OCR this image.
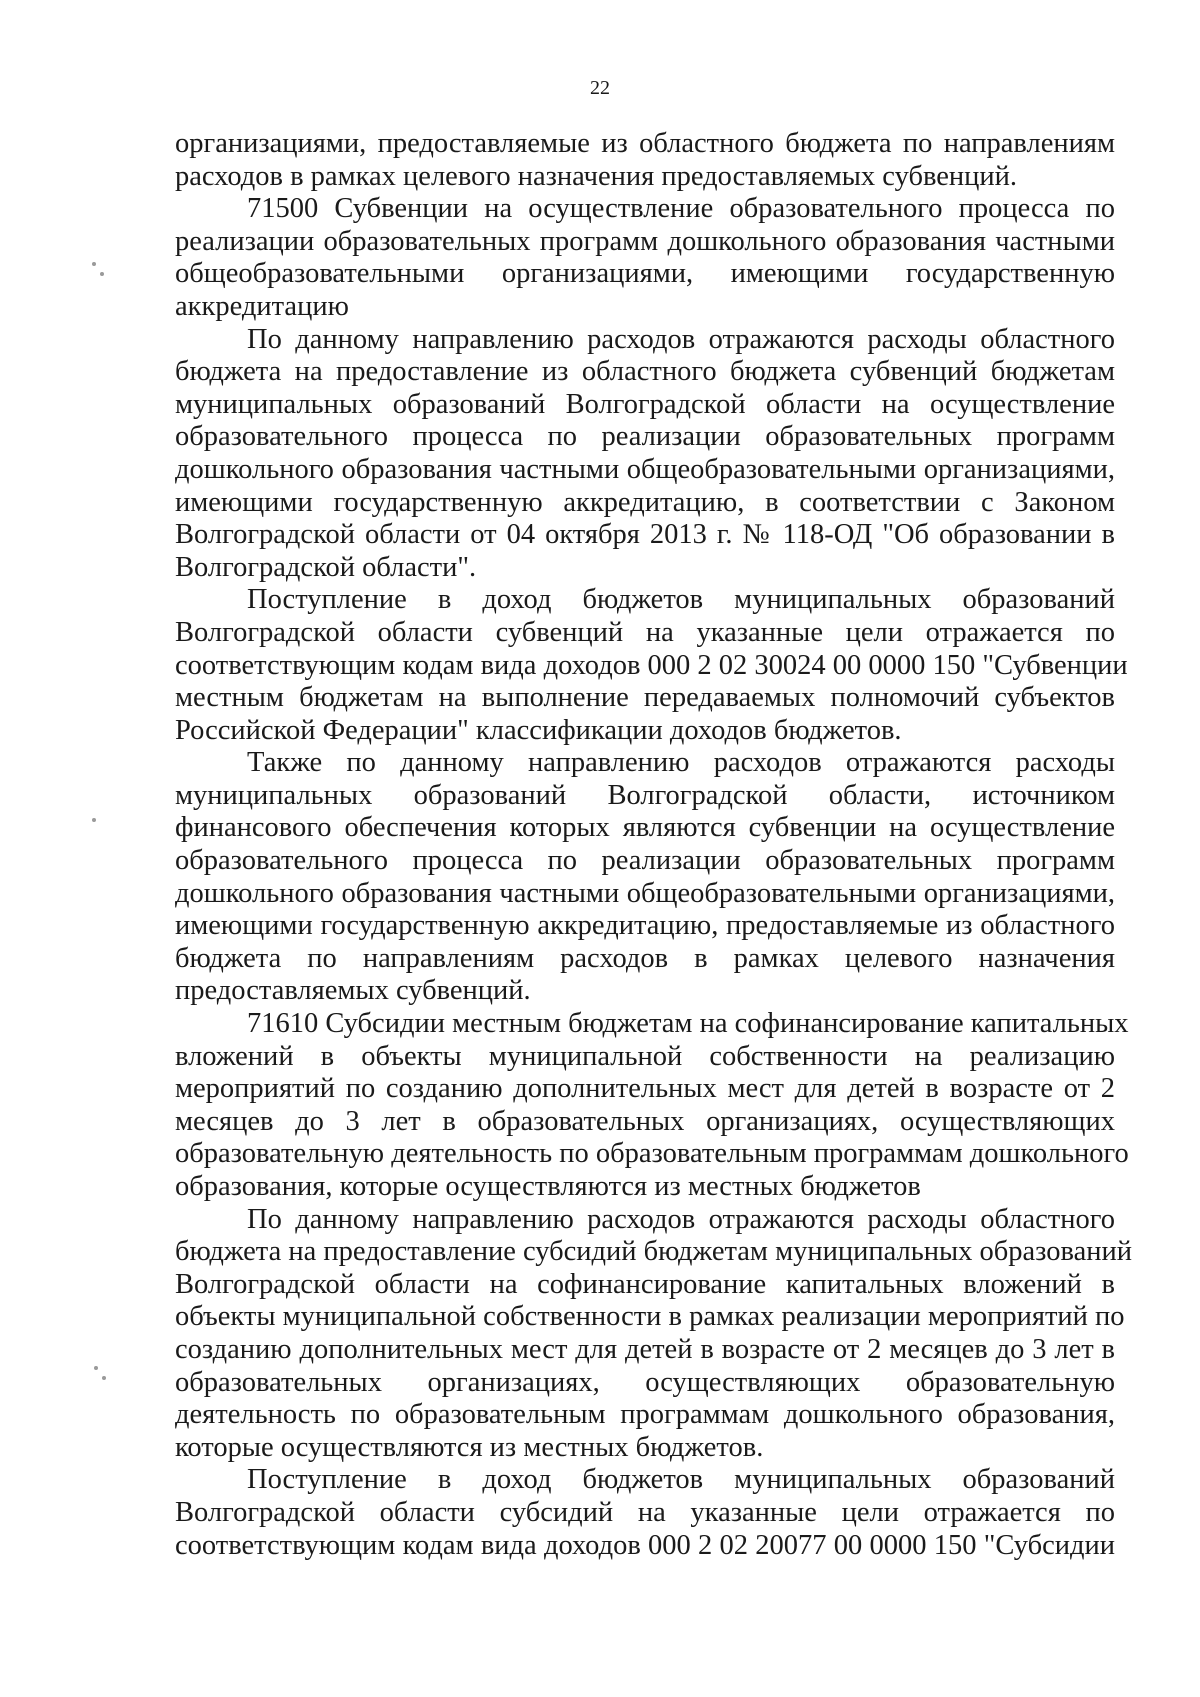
22
организациями, предоставляемые из областного бюджета по направлениям
расходов в рамках целевого назначения предоставляемых субвенций.
71500 Субвенции на осуществление образовательного процесса по
реализации образовательных программ дошкольного образования частными
общеобразовательными организациями, имеющими государственную
аккредитацию
По данному направлению расходов отражаются расходы областного
бюджета на предоставление из областного бюджета субвенций бюджетам
муниципальных образований Волгоградской области на осуществление
образовательного процесса по реализации образовательных программ
дошкольного образования частными общеобразовательными организациями,
имеющими государственную аккредитацию, в соответствии с Законом
Волгоградской области от 04 октября 2013 г. № 118-ОД "Об образовании в
Волгоградской области".
Поступление в доход бюджетов муниципальных образований
Волгоградской области субвенций на указанные цели отражается по
соответствующим кодам вида доходов 000 2 02 30024 00 0000 150 "Субвенции
местным бюджетам на выполнение передаваемых полномочий субъектов
Российской Федерации" классификации доходов бюджетов.
Также по данному направлению расходов отражаются расходы
муниципальных образований Волгоградской области, источником
финансового обеспечения которых являются субвенции на осуществление
образовательного процесса по реализации образовательных программ
дошкольного образования частными общеобразовательными организациями,
имеющими государственную аккредитацию, предоставляемые из областного
бюджета по направлениям расходов в рамках целевого назначения
предоставляемых субвенций.
71610 Субсидии местным бюджетам на софинансирование капитальных
вложений в объекты муниципальной собственности на реализацию
мероприятий по созданию дополнительных мест для детей в возрасте от 2
месяцев до 3 лет в образовательных организациях, осуществляющих
образовательную деятельность по образовательным программам дошкольного
образования, которые осуществляются из местных бюджетов
По данному направлению расходов отражаются расходы областного
бюджета на предоставление субсидий бюджетам муниципальных образований
Волгоградской области на софинансирование капитальных вложений в
объекты муниципальной собственности в рамках реализации мероприятий по
созданию дополнительных мест для детей в возрасте от 2 месяцев до 3 лет в
образовательных организациях, осуществляющих образовательную
деятельность по образовательным программам дошкольного образования,
которые осуществляются из местных бюджетов.
Поступление в доход бюджетов муниципальных образований
Волгоградской области субсидий на указанные цели отражается по
соответствующим кодам вида доходов 000 2 02 20077 00 0000 150 "Субсидии
